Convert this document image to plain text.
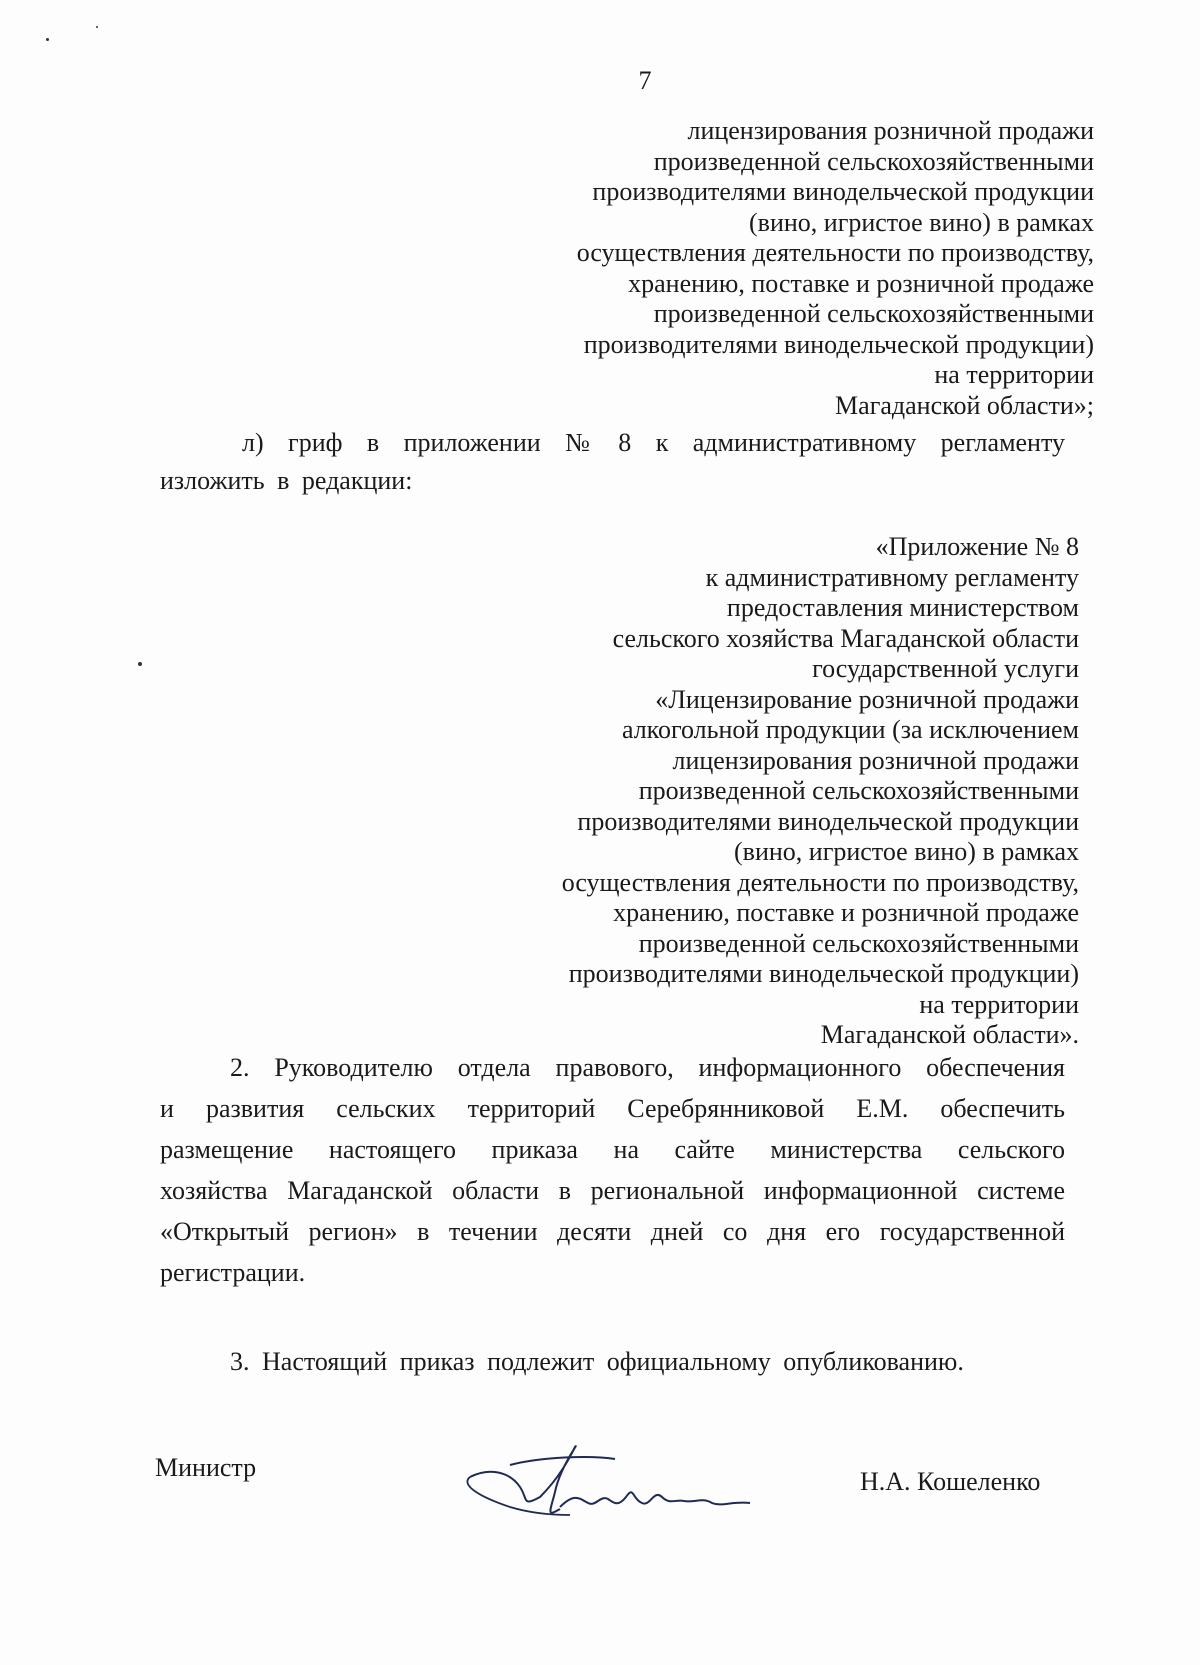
7
лицензирования розничной продажи
произведенной сельскохозяйственными
производителями винодельческой продукции
(вино, игристое вино) в рамках
осуществления деятельности по производству,
хранению, поставке и розничной продаже
произведенной сельскохозяйственными
производителями винодельческой продукции)
на территории
Магаданской области»;
л) гриф в приложении № 8 к административному регламенту
изложить в редакции:
«Приложение № 8
к административному регламенту
предоставления министерством
сельского хозяйства Магаданской области
государственной услуги
«Лицензирование розничной продажи
алкогольной продукции (за исключением
лицензирования розничной продажи
произведенной сельскохозяйственными
производителями винодельческой продукции
(вино, игристое вино) в рамках
осуществления деятельности по производству,
хранению, поставке и розничной продаже
произведенной сельскохозяйственными
производителями винодельческой продукции)
на территории
Магаданской области».
2. Руководителю отдела правового, информационного обеспечения
и развития сельских территорий Серебрянниковой Е.М. обеспечить
размещение настоящего приказа на сайте министерства сельского
хозяйства Магаданской области в региональной информационной системе
«Открытый регион» в течении десяти дней со дня его государственной
регистрации.
3. Настоящий приказ подлежит официальному опубликованию.
Министр	Н.А. Кошеленко
